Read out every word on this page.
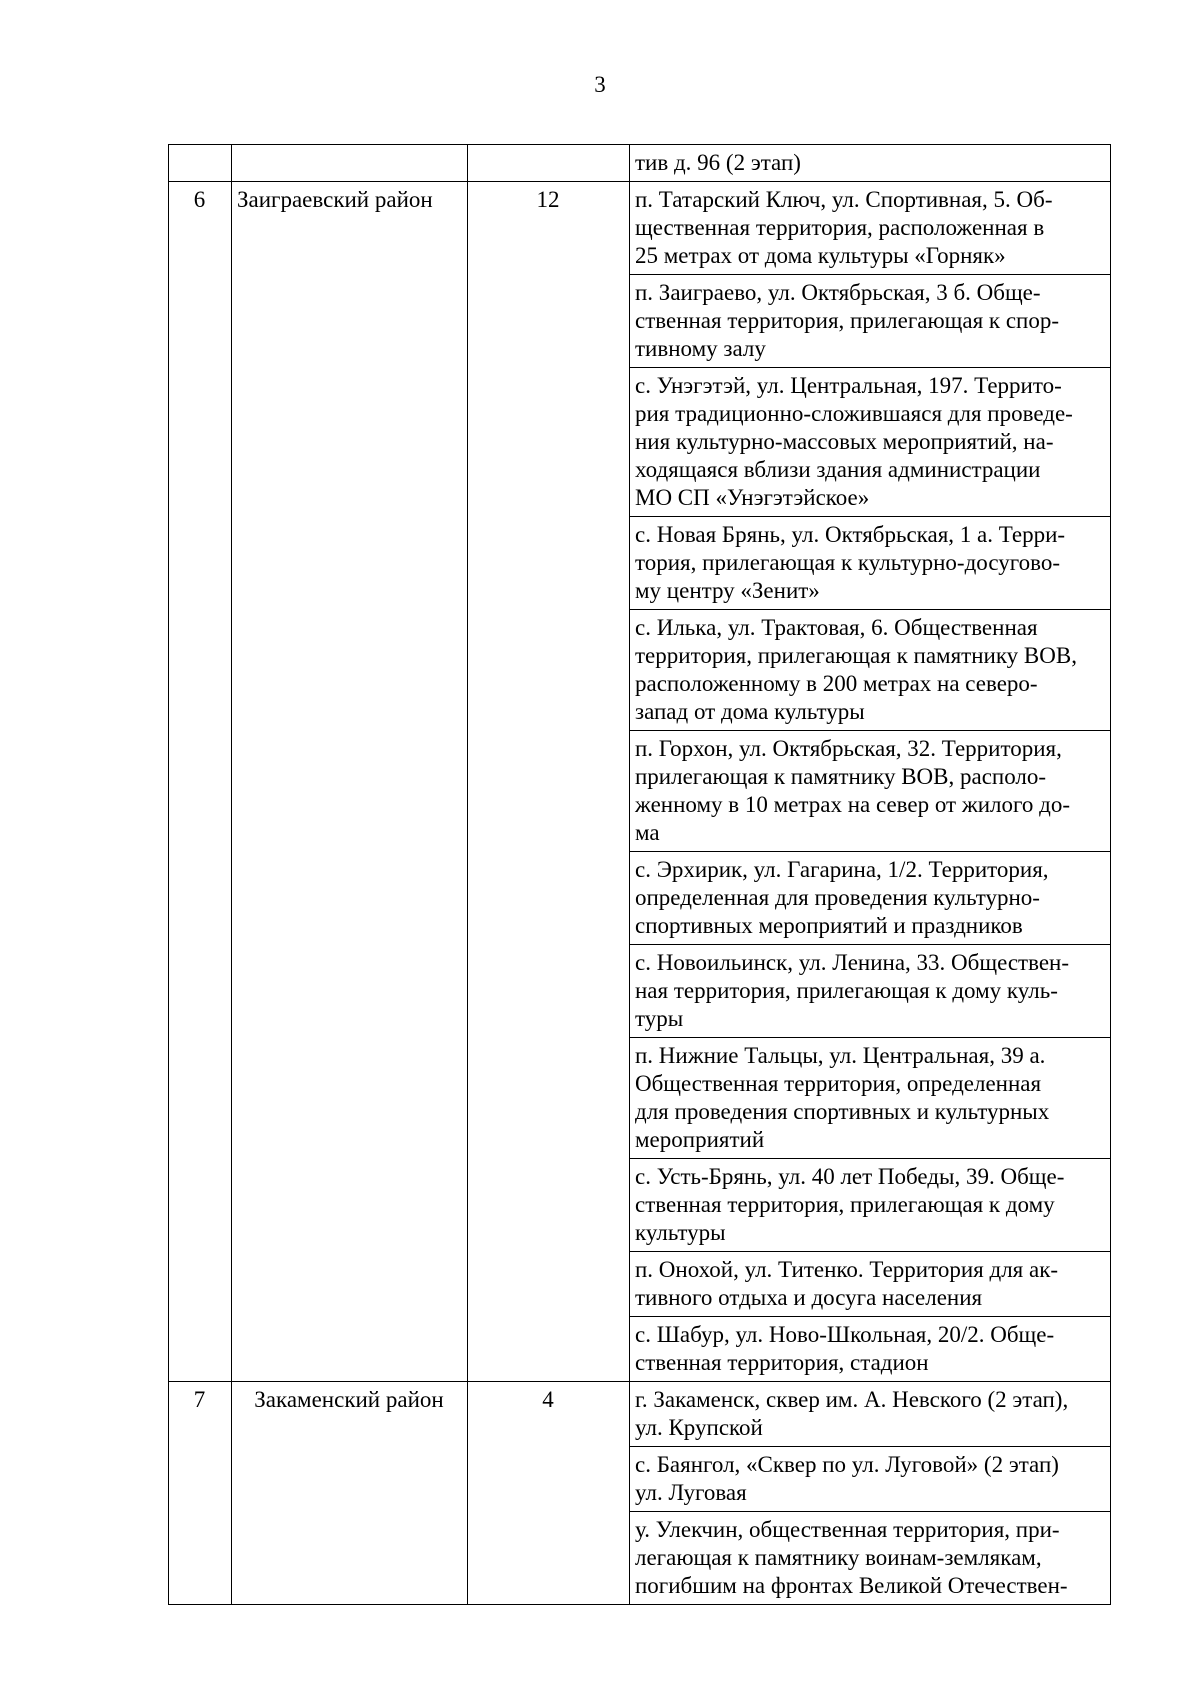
3

			тив д. 96 (2 этап)

6	Заиграевский район	12	п. Татарский Ключ, ул. Спортивная, 5. Об-
щественная территория, расположенная в
25 метрах от дома культуры «Горняк»

			п. Заиграево, ул. Октябрьская, 3 б. Обще-
ственная территория, прилегающая к спор-
тивному залу

			с. Унэгэтэй, ул. Центральная, 197. Террито-
рия традиционно-сложившаяся для проведе-
ния культурно-массовых мероприятий, на-
ходящаяся вблизи здания администрации
МО СП «Унэгэтэйское»

			с. Новая Брянь, ул. Октябрьская, 1 а. Терри-
тория, прилегающая к культурно-досугово-
му центру «Зенит»

			с. Илька, ул. Трактовая, 6. Общественная
территория, прилегающая к памятнику ВОВ,
расположенному в 200 метрах на северо-
запад от дома культуры

			п. Горхон, ул. Октябрьская, 32. Территория,
прилегающая к памятнику ВОВ, располо-
женному в 10 метрах на север от жилого до-
ма

			с. Эрхирик, ул. Гагарина, 1/2. Территория,
определенная для проведения культурно-
спортивных мероприятий и праздников

			с. Новоильинск, ул. Ленина, 33. Обществен-
ная территория, прилегающая к дому куль-
туры

			п. Нижние Тальцы, ул. Центральная, 39 а.
Общественная территория, определенная
для проведения спортивных и культурных
мероприятий

			с. Усть-Брянь, ул. 40 лет Победы, 39. Обще-
ственная территория, прилегающая к дому
культуры

			п. Онохой, ул. Титенко. Территория для ак-
тивного отдыха и досуга населения

			с. Шабур, ул. Ново-Школьная, 20/2. Обще-
ственная территория, стадион

7	Закаменский район	4	г. Закаменск, сквер им. А. Невского (2 этап),
ул. Крупской

			с. Баянгол, «Сквер по ул. Луговой» (2 этап)
ул. Луговая

			у. Улекчин, общественная территория, при-
легающая к памятнику воинам-землякам,
погибшим на фронтах Великой Отечествен-
